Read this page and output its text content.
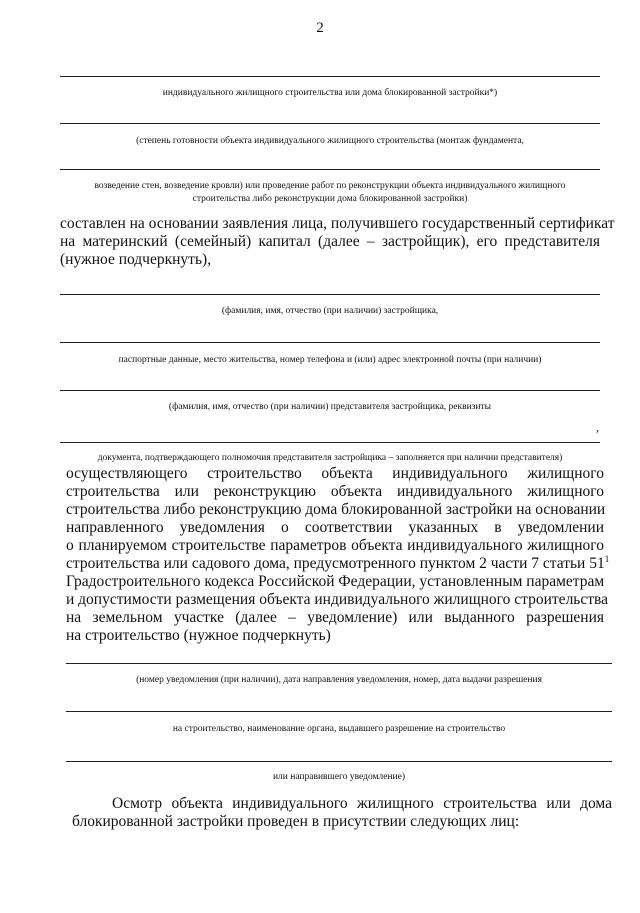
2
индивидуального жилищного строительства или дома блокированной застройки*)
(степень готовности объекта индивидуального жилищного строительства (монтаж фундамента,
возведение стен, возведение кровли) или проведение работ по реконструкции объекта индивидуального жилищного
строительства либо реконструкции дома блокированной застройки)
составлен на основании заявления лица, получившего государственный сертификат
на материнский (семейный) капитал (далее – застройщик), его представителя
(нужное подчеркнуть),
(фамилия, имя, отчество (при наличии) застройщика,
паспортные данные, место жительства, номер телефона и (или) адрес электронной почты (при наличии)
(фамилия, имя, отчество (при наличии) представителя застройщика, реквизиты
,
документа, подтверждающего полномочия представителя застройщика – заполняется при наличии представителя)
осуществляющего строительство объекта индивидуального жилищного
строительства или реконструкцию объекта индивидуального жилищного
строительства либо реконструкцию дома блокированной застройки на основании
направленного уведомления о соответствии указанных в уведомлении
о планируемом строительстве параметров объекта индивидуального жилищного
строительства или садового дома, предусмотренного пунктом 2 части 7 статьи $51^1$
Градостроительного кодекса Российской Федерации, установленным параметрам
и допустимости размещения объекта индивидуального жилищного строительства
на земельном участке (далее – уведомление) или выданного разрешения
на строительство (нужное подчеркнуть)
(номер уведомления (при наличии), дата направления уведомления, номер, дата выдачи разрешения
на строительство, наименование органа, выдавшего разрешение на строительство
или направившего уведомление)
Осмотр объекта индивидуального жилищного строительства или дома
блокированной застройки проведен в присутствии следующих лиц:
